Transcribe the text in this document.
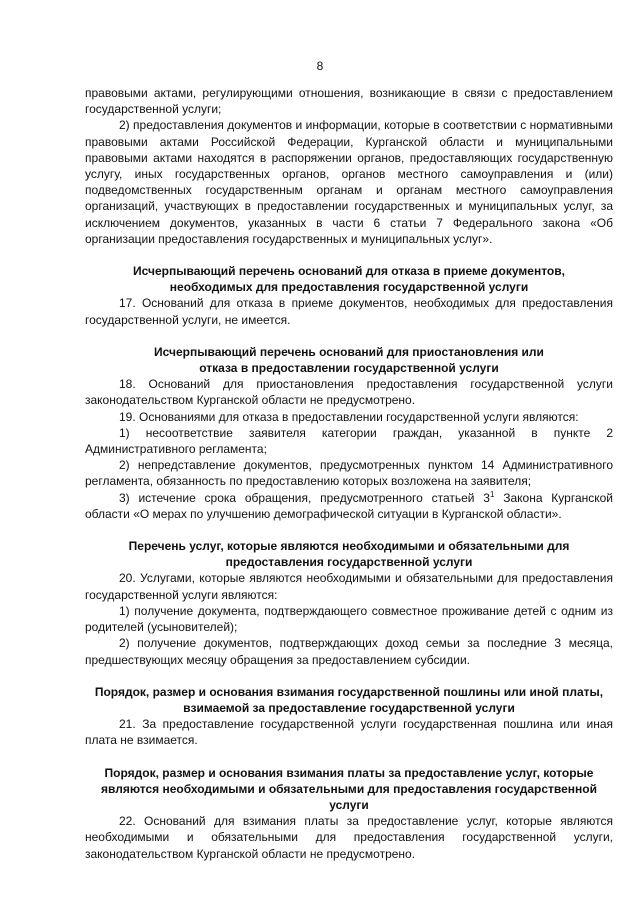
8

правовыми актами, регулирующими отношения, возникающие в связи с предоставлением государственной услуги;

2) предоставления документов и информации, которые в соответствии с нормативными правовыми актами Российской Федерации, Курганской области и муниципальными правовыми актами находятся в распоряжении органов, предоставляющих государственную услугу, иных государственных органов, органов местного самоуправления и (или) подведомственных государственным органам и органам местного самоуправления организаций, участвующих в предоставлении государственных и муниципальных услуг, за исключением документов, указанных в части 6 статьи 7 Федерального закона «Об организации предоставления государственных и муниципальных услуг».

Исчерпывающий перечень оснований для отказа в приеме документов, необходимых для предоставления государственной услуги

17. Оснований для отказа в приеме документов, необходимых для предоставления государственной услуги, не имеется.

Исчерпывающий перечень оснований для приостановления или отказа в предоставлении государственной услуги

18. Оснований для приостановления предоставления государственной услуги законодательством Курганской области не предусмотрено.

19. Основаниями для отказа в предоставлении государственной услуги являются:

1) несоответствие заявителя категории граждан, указанной в пункте 2 Административного регламента;

2) непредставление документов, предусмотренных пунктом 14 Административного регламента, обязанность по предоставлению которых возложена на заявителя;

3) истечение срока обращения, предусмотренного статьей $3^1$ Закона Курганской области «О мерах по улучшению демографической ситуации в Курганской области».

Перечень услуг, которые являются необходимыми и обязательными для предоставления государственной услуги

20. Услугами, которые являются необходимыми и обязательными для предоставления государственной услуги являются:

1) получение документа, подтверждающего совместное проживание детей с одним из родителей (усыновителей);

2) получение документов, подтверждающих доход семьи за последние 3 месяца, предшествующих месяцу обращения за предоставлением субсидии.

Порядок, размер и основания взимания государственной пошлины или иной платы, взимаемой за предоставление государственной услуги

21. За предоставление государственной услуги государственная пошлина или иная плата не взимается.

Порядок, размер и основания взимания платы за предоставление услуг, которые являются необходимыми и обязательными для предоставления государственной услуги

22. Оснований для взимания платы за предоставление услуг, которые являются необходимыми и обязательными для предоставления государственной услуги, законодательством Курганской области не предусмотрено.
